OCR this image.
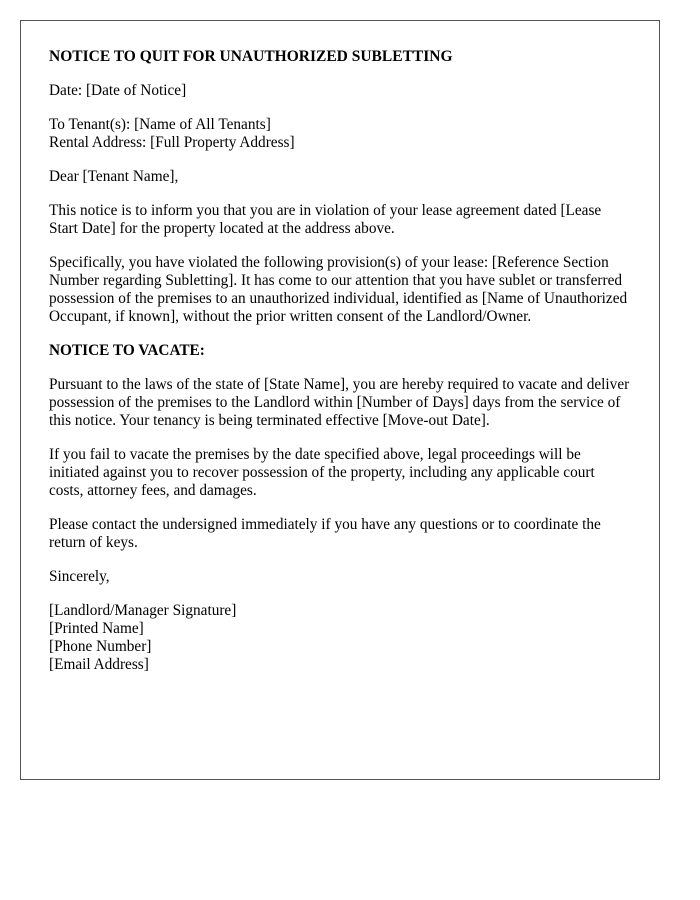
NOTICE TO QUIT FOR UNAUTHORIZED SUBLETTING

Date: [Date of Notice]

To Tenant(s): [Name of All Tenants]
Rental Address: [Full Property Address]

Dear [Tenant Name],

This notice is to inform you that you are in violation of your lease agreement dated [Lease Start Date] for the property located at the address above.

Specifically, you have violated the following provision(s) of your lease: [Reference Section Number regarding Subletting]. It has come to our attention that you have sublet or transferred possession of the premises to an unauthorized individual, identified as [Name of Unauthorized Occupant, if known], without the prior written consent of the Landlord/Owner.

NOTICE TO VACATE:

Pursuant to the laws of the state of [State Name], you are hereby required to vacate and deliver possession of the premises to the Landlord within [Number of Days] days from the service of this notice. Your tenancy is being terminated effective [Move-out Date].

If you fail to vacate the premises by the date specified above, legal proceedings will be initiated against you to recover possession of the property, including any applicable court costs, attorney fees, and damages.

Please contact the undersigned immediately if you have any questions or to coordinate the return of keys.

Sincerely,

[Landlord/Manager Signature]
[Printed Name]
[Phone Number]
[Email Address]
